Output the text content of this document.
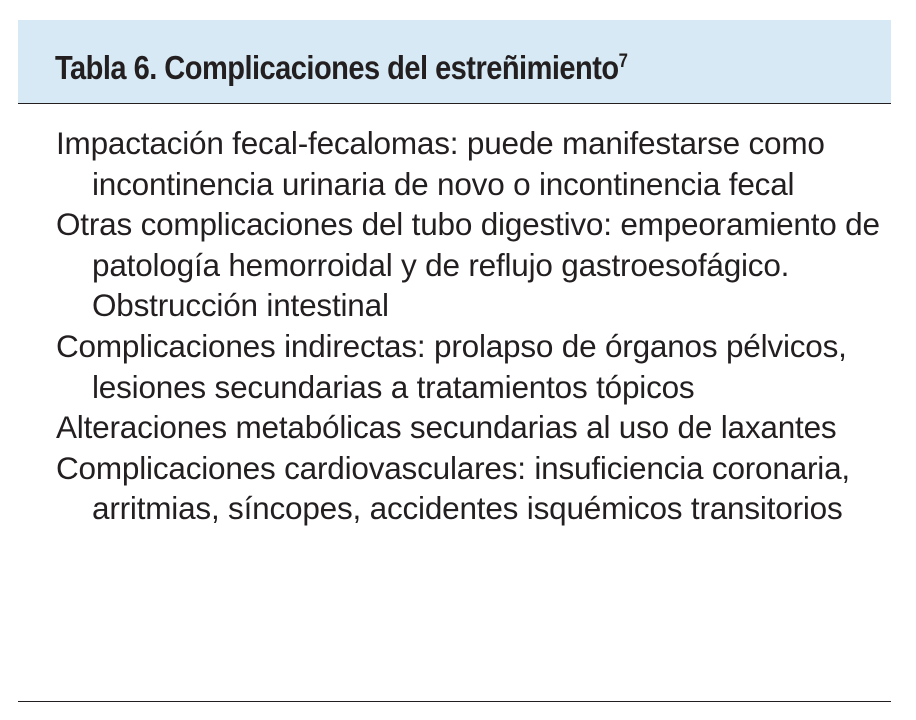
Tabla 6. Complicaciones del estreñimiento$^7$

Impactación fecal-fecalomas: puede manifestarse como incontinencia urinaria de novo o incontinencia fecal

Otras complicaciones del tubo digestivo: empeoramiento de patología hemorroidal y de reflujo gastroesofágico. Obstrucción intestinal

Complicaciones indirectas: prolapso de órganos pélvicos, lesiones secundarias a tratamientos tópicos

Alteraciones metabólicas secundarias al uso de laxantes

Complicaciones cardiovasculares: insuficiencia coronaria, arritmias, síncopes, accidentes isquémicos transitorios
